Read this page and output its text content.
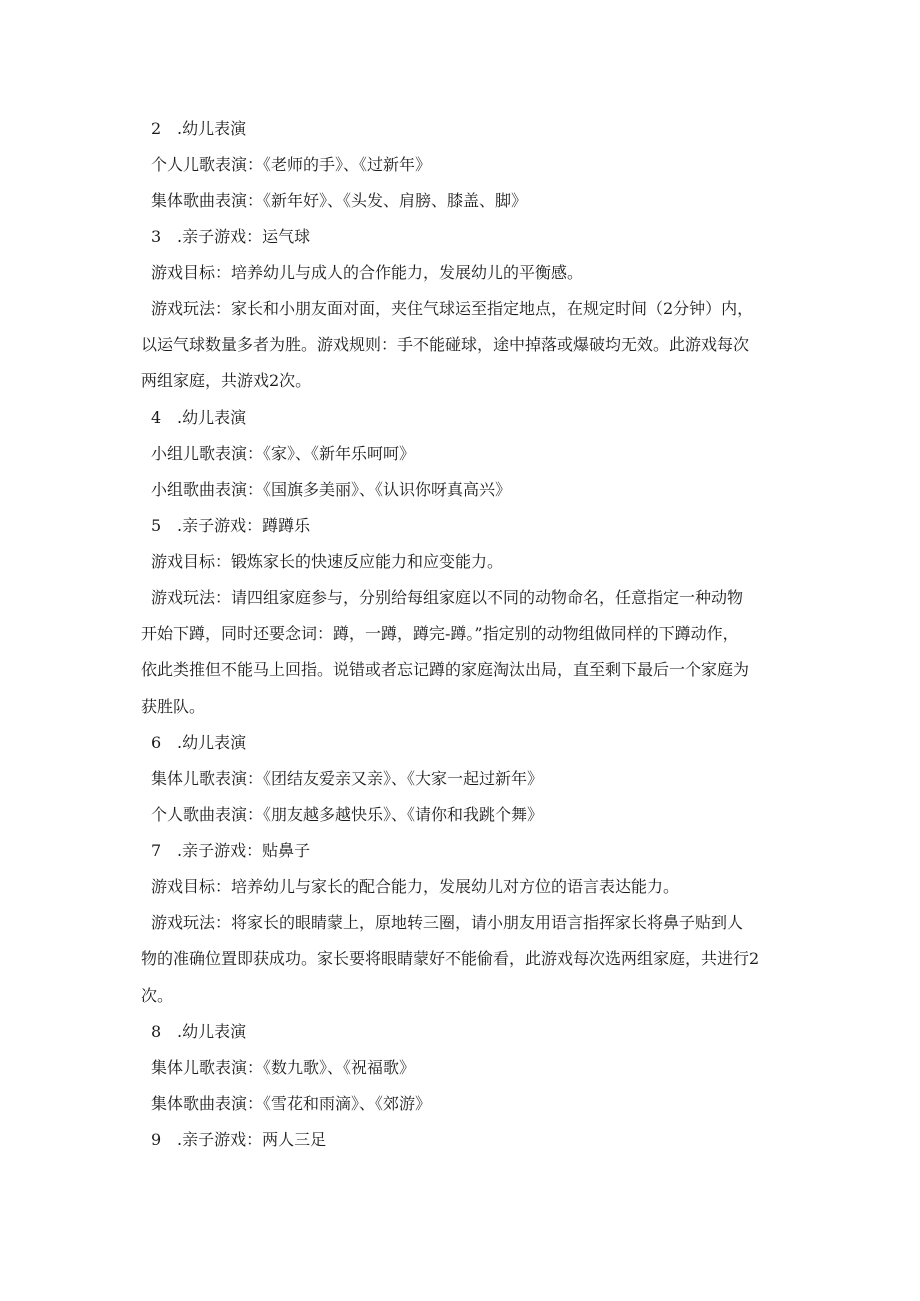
2 .幼儿表演
个人儿歌表演：《老师的手》、《过新年》
集体歌曲表演：《新年好》、《头发、肩膀、膝盖、脚》
3 .亲子游戏：运气球
游戏目标：培养幼儿与成人的合作能力，发展幼儿的平衡感。
游戏玩法：家长和小朋友面对面，夹住气球运至指定地点，在规定时间（2分钟）内，
以运气球数量多者为胜。游戏规则：手不能碰球，途中掉落或爆破均无效。此游戏每次
两组家庭，共游戏2次。
4 .幼儿表演
小组儿歌表演：《家》、《新年乐呵呵》
小组歌曲表演：《国旗多美丽》、《认识你呀真高兴》
5 .亲子游戏：蹲蹲乐
游戏目标：锻炼家长的快速反应能力和应变能力。
游戏玩法：请四组家庭参与，分别给每组家庭以不同的动物命名，任意指定一种动物
开始下蹲，同时还要念词：蹲，一蹲，蹲完-蹲。”指定别的动物组做同样的下蹲动作，
依此类推但不能马上回指。说错或者忘记蹲的家庭淘汰出局，直至剩下最后一个家庭为
获胜队。
6 .幼儿表演
集体儿歌表演：《团结友爱亲又亲》、《大家一起过新年》
个人歌曲表演：《朋友越多越快乐》、《请你和我跳个舞》
7 .亲子游戏：贴鼻子
游戏目标：培养幼儿与家长的配合能力，发展幼儿对方位的语言表达能力。
游戏玩法：将家长的眼睛蒙上，原地转三圈，请小朋友用语言指挥家长将鼻子贴到人
物的准确位置即获成功。家长要将眼睛蒙好不能偷看，此游戏每次选两组家庭，共进行2
次。
8 .幼儿表演
集体儿歌表演：《数九歌》、《祝福歌》
集体歌曲表演：《雪花和雨滴》、《郊游》
9 .亲子游戏：两人三足
